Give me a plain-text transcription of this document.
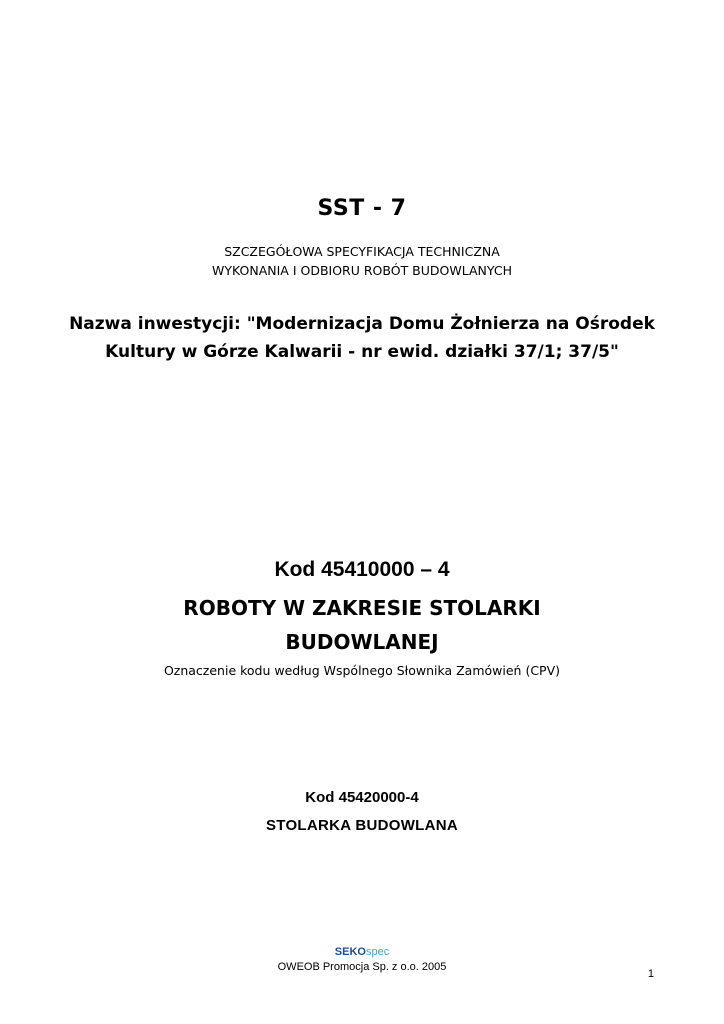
SST - 7
SZCZEGÓŁOWA SPECYFIKACJA TECHNICZNA
WYKONANIA I ODBIORU ROBÓT BUDOWLANYCH
Nazwa inwestycji: "Modernizacja Domu Żołnierza na Ośrodek Kultury w Górze Kalwarii - nr ewid. działki 37/1; 37/5"
Kod 45410000 – 4
ROBOTY W ZAKRESIE STOLARKI BUDOWLANEJ
Oznaczenie kodu według Wspólnego Słownika Zamówień (CPV)
Kod 45420000-4
STOLARKA BUDOWLANA
SEKOspec
OWEOB Promocja Sp. z o.o. 2005
1
